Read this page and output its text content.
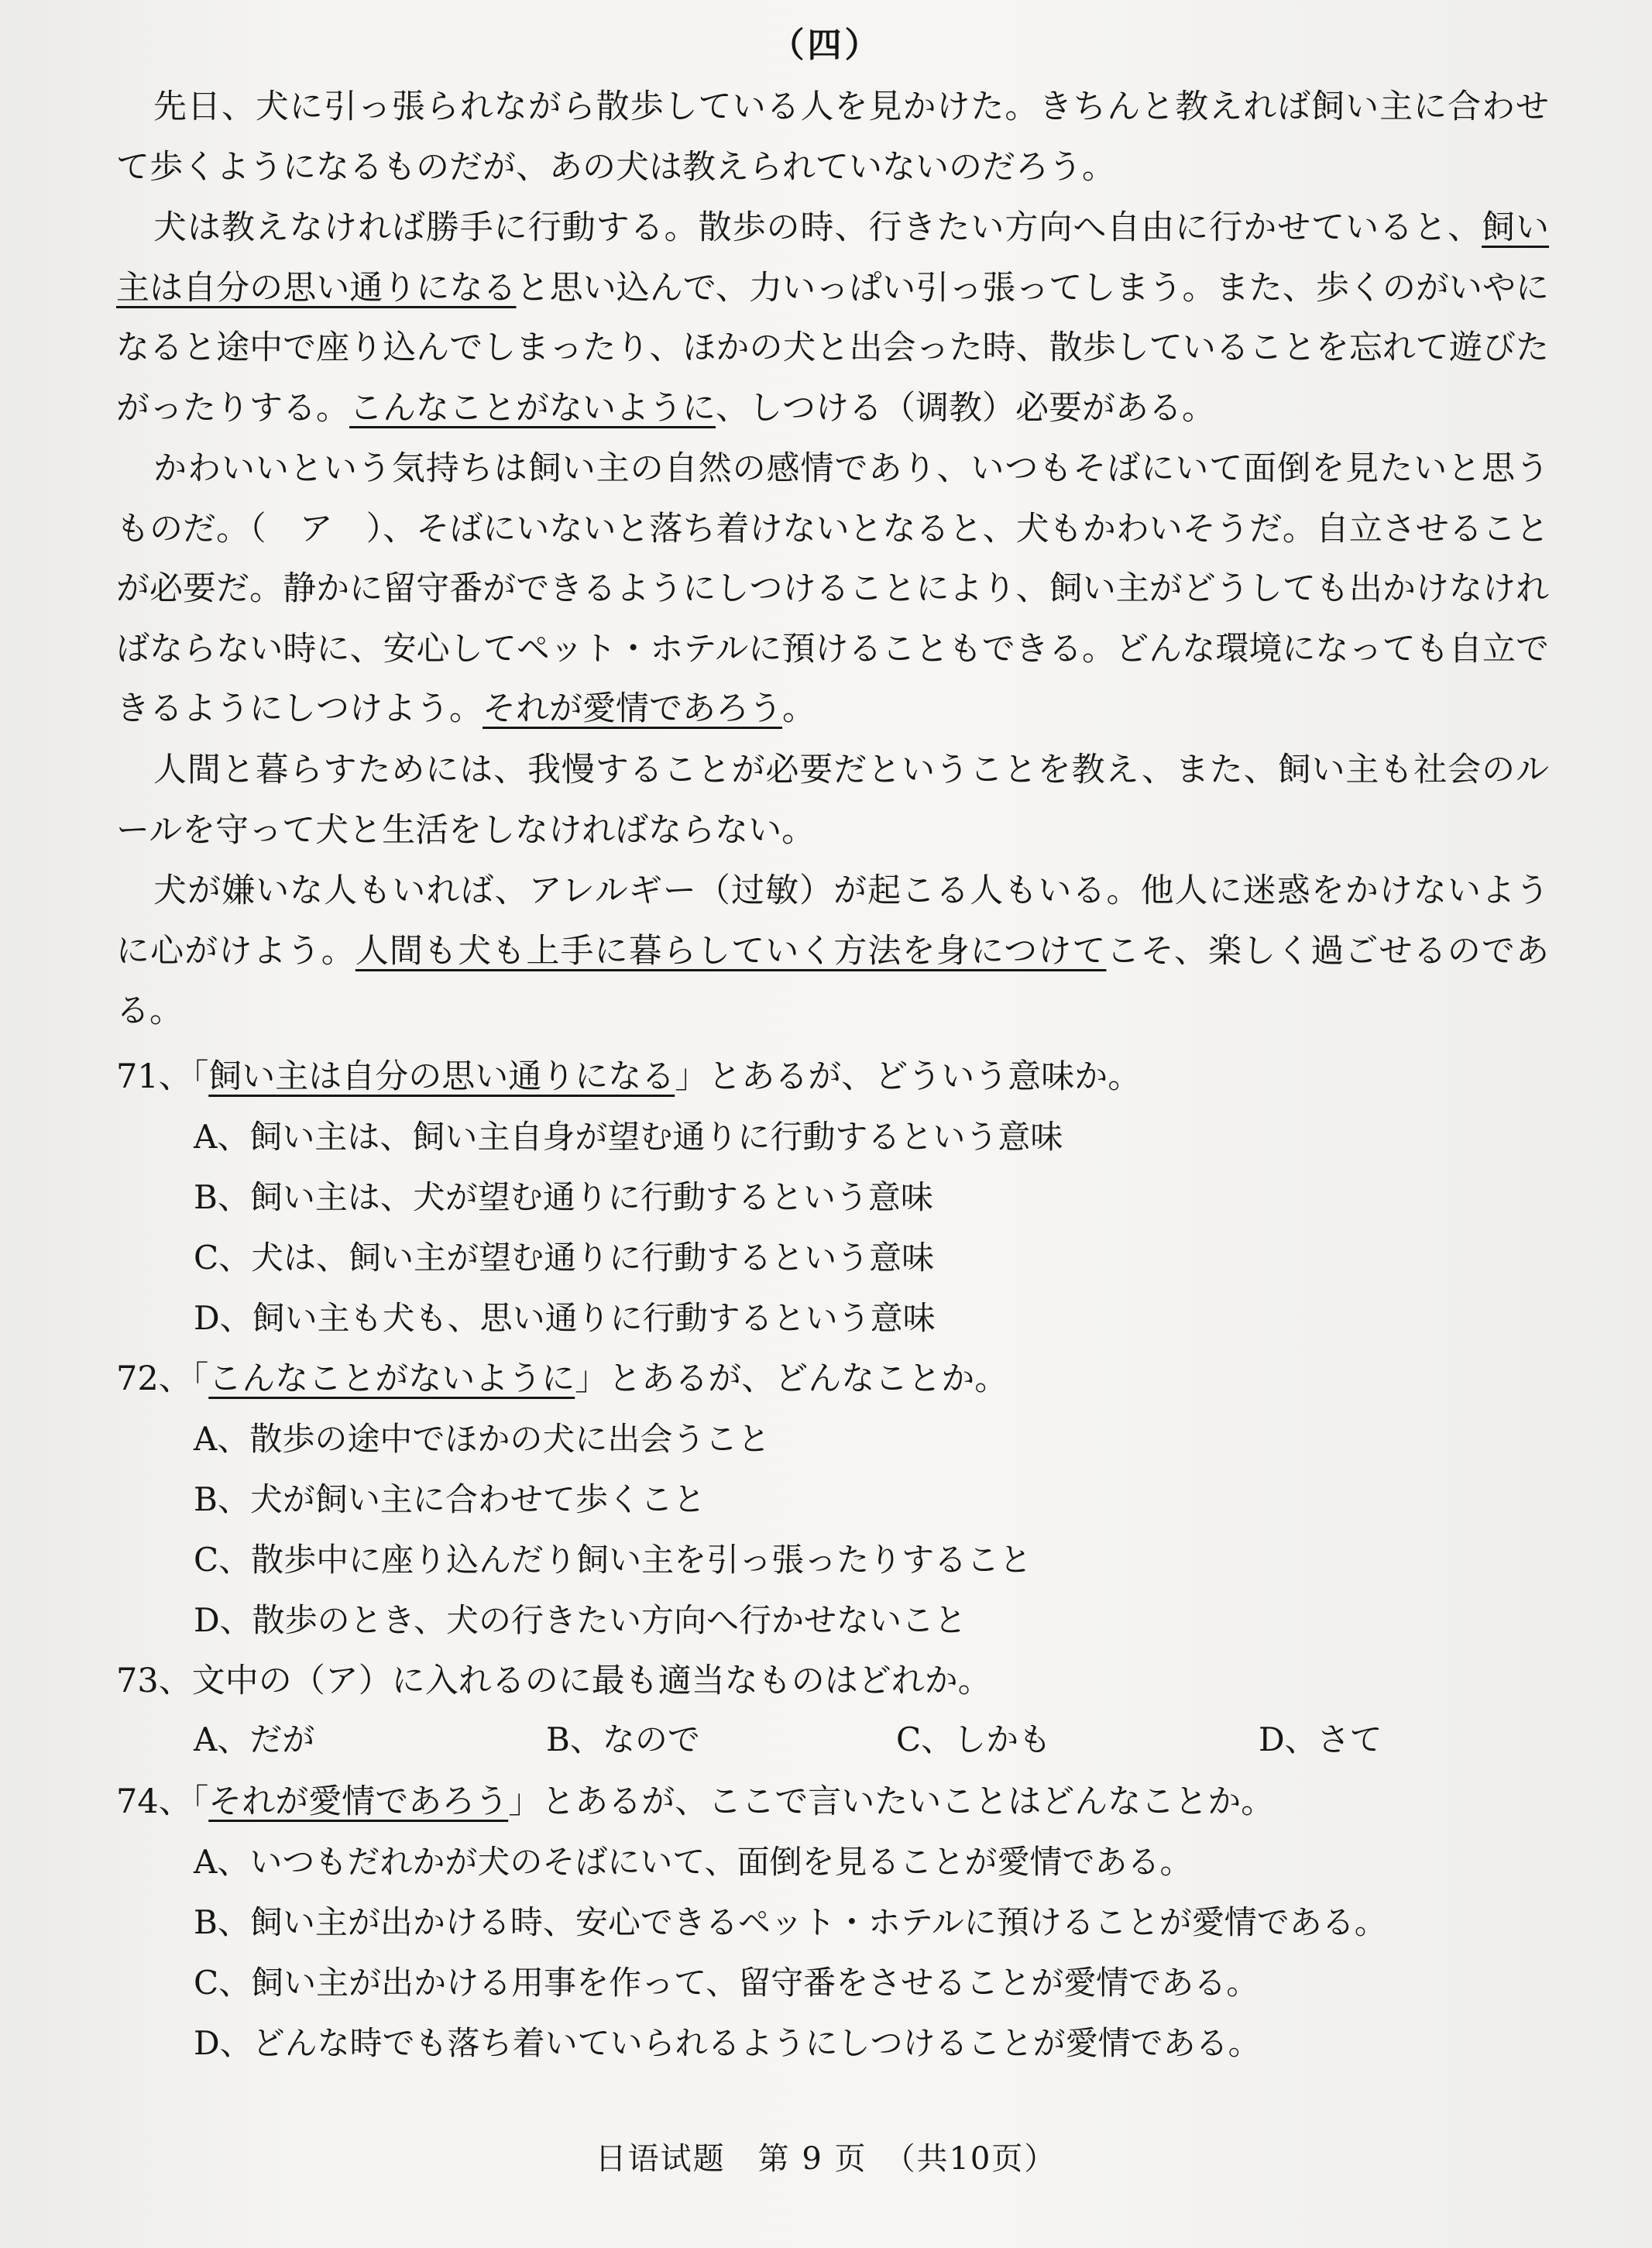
（四）

先日、犬に引っ張られながら散歩している人を見かけた。きちんと教えれば飼い主に合わせて歩くようになるものだが、あの犬は教えられていないのだろう。

犬は教えなければ勝手に行動する。散歩の時、行きたい方向へ自由に行かせていると、飼い主は自分の思い通りになると思い込んで、力いっぱい引っ張ってしまう。また、歩くのがいやになると途中で座り込んでしまったり、ほかの犬と出会った時、散歩していることを忘れて遊びたがったりする。こんなことがないように、しつける（调教）必要がある。

かわいいという気持ちは飼い主の自然の感情であり、いつもそばにいて面倒を見たいと思うものだ。（　ア　）、そばにいないと落ち着けないとなると、犬もかわいそうだ。自立させることが必要だ。静かに留守番ができるようにしつけることにより、飼い主がどうしても出かけなければならない時に、安心してペット・ホテルに預けることもできる。どんな環境になっても自立できるようにしつけよう。それが愛情であろう。

人間と暮らすためには、我慢することが必要だということを教え、また、飼い主も社会のルールを守って犬と生活をしなければならない。

犬が嫌いな人もいれば、アレルギー（过敏）が起こる人もいる。他人に迷惑をかけないように心がけよう。人間も犬も上手に暮らしていく方法を身につけてこそ、楽しく過ごせるのである。

71、「飼い主は自分の思い通りになる」とあるが、どういう意味か。
A、飼い主は、飼い主自身が望む通りに行動するという意味
B、飼い主は、犬が望む通りに行動するという意味
C、犬は、飼い主が望む通りに行動するという意味
D、飼い主も犬も、思い通りに行動するという意味
72、「こんなことがないように」とあるが、どんなことか。
A、散歩の途中でほかの犬に出会うこと
B、犬が飼い主に合わせて歩くこと
C、散歩中に座り込んだり飼い主を引っ張ったりすること
D、散歩のとき、犬の行きたい方向へ行かせないこと
73、文中の（ア）に入れるのに最も適当なものはどれか。
A、だが	B、なので	C、しかも	D、さて
74、「それが愛情であろう」とあるが、ここで言いたいことはどんなことか。
A、いつもだれかが犬のそばにいて、面倒を見ることが愛情である。
B、飼い主が出かける時、安心できるペット・ホテルに預けることが愛情である。
C、飼い主が出かける用事を作って、留守番をさせることが愛情である。
D、どんな時でも落ち着いていられるようにしつけることが愛情である。
日语试题　第 9 页　（共10页）
